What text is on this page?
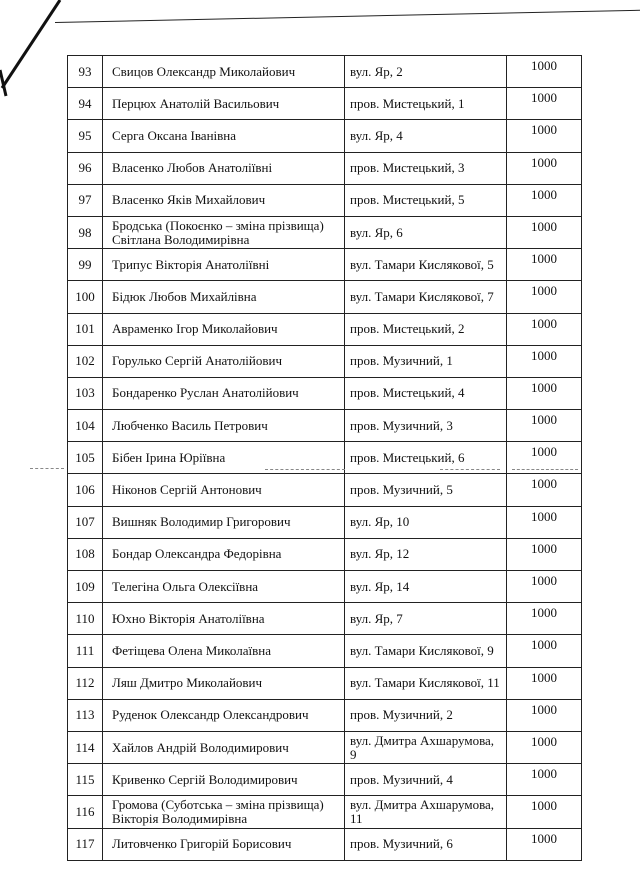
93	Свицов Олександр Миколайович	вул. Яр, 2	1000
94	Перцюх Анатолій Васильович	пров. Мистецький, 1	1000
95	Серга Оксана Іванівна	вул. Яр, 4	1000
96	Власенко Любов Анатоліївні	пров. Мистецький, 3	1000
97	Власенко Яків Михайлович	пров. Мистецький, 5	1000
98	Бродська (Покоєнко – зміна прізвища) Світлана Володимирівна	вул. Яр, 6	1000
99	Трипус Вікторія Анатоліївні	вул. Тамари Кислякової, 5	1000
100	Бідюк Любов Михайлівна	вул. Тамари Кислякової, 7	1000
101	Авраменко Ігор Миколайович	пров. Мистецький, 2	1000
102	Горулько Сергій Анатолійович	пров. Музичний, 1	1000
103	Бондаренко Руслан Анатолійович	пров. Мистецький, 4	1000
104	Любченко Василь Петрович	пров. Музичний, 3	1000
105	Бібен Ірина Юріївна	пров. Мистецький, 6	1000
106	Ніконов Сергій Антонович	пров. Музичний, 5	1000
107	Вишняк Володимир Григорович	вул. Яр, 10	1000
108	Бондар Олександра Федорівна	вул. Яр, 12	1000
109	Телегіна Ольга Олексіївна	вул. Яр, 14	1000
110	Юхно Вікторія Анатоліївна	вул. Яр, 7	1000
111	Фетіщева Олена Миколаївна	вул. Тамари Кислякової, 9	1000
112	Ляш Дмитро Миколайович	вул. Тамари Кислякової, 11	1000
113	Руденок Олександр Олександрович	пров. Музичний, 2	1000
114	Хайлов Андрій Володимирович	вул. Дмитра Ахшарумова, 9	1000
115	Кривенко Сергій Володимирович	пров. Музичний, 4	1000
116	Громова (Суботська – зміна прізвища) Вікторія Володимирівна	вул. Дмитра Ахшарумова, 11	1000
117	Литовченко Григорій Борисович	пров. Музичний, 6	1000
